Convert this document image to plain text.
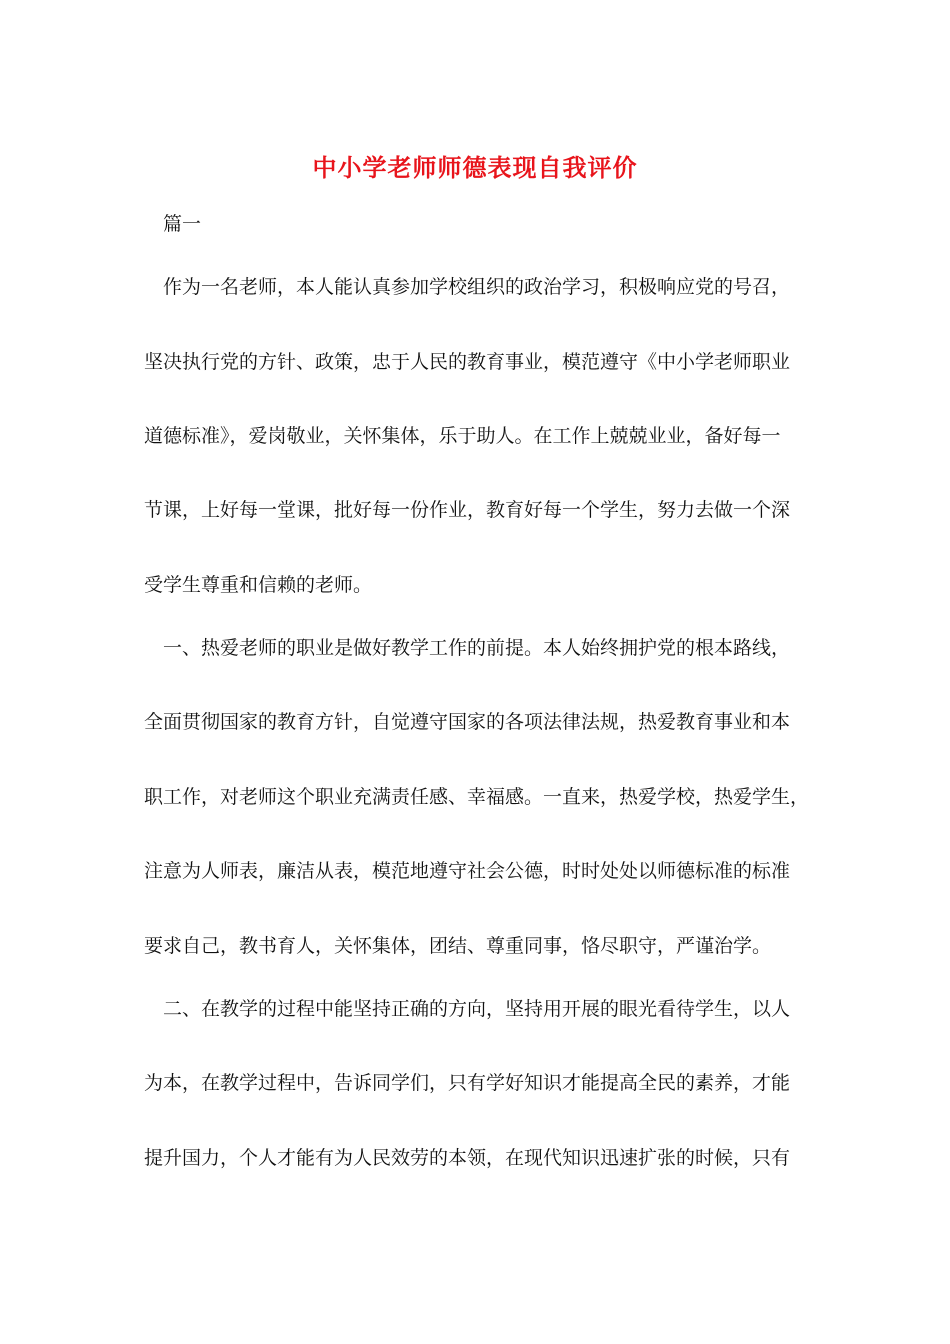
中小学老师师德表现自我评价
篇一
作为一名老师，本人能认真参加学校组织的政治学习，积极响应党的号召，
坚决执行党的方针、政策，忠于人民的教育事业，模范遵守《中小学老师职业
道德标准》，爱岗敬业，关怀集体，乐于助人。在工作上兢兢业业，备好每一
节课，上好每一堂课，批好每一份作业，教育好每一个学生，努力去做一个深
受学生尊重和信赖的老师。
一、热爱老师的职业是做好教学工作的前提。本人始终拥护党的根本路线，
全面贯彻国家的教育方针，自觉遵守国家的各项法律法规，热爱教育事业和本
职工作，对老师这个职业充满责任感、幸福感。一直来，热爱学校，热爱学生，
注意为人师表，廉洁从表，模范地遵守社会公德，时时处处以师德标准的标准
要求自己，教书育人，关怀集体，团结、尊重同事，恪尽职守，严谨治学。
二、在教学的过程中能坚持正确的方向，坚持用开展的眼光看待学生，以人
为本，在教学过程中，告诉同学们，只有学好知识才能提高全民的素养，才能
提升国力，个人才能有为人民效劳的本领，在现代知识迅速扩张的时候，只有
